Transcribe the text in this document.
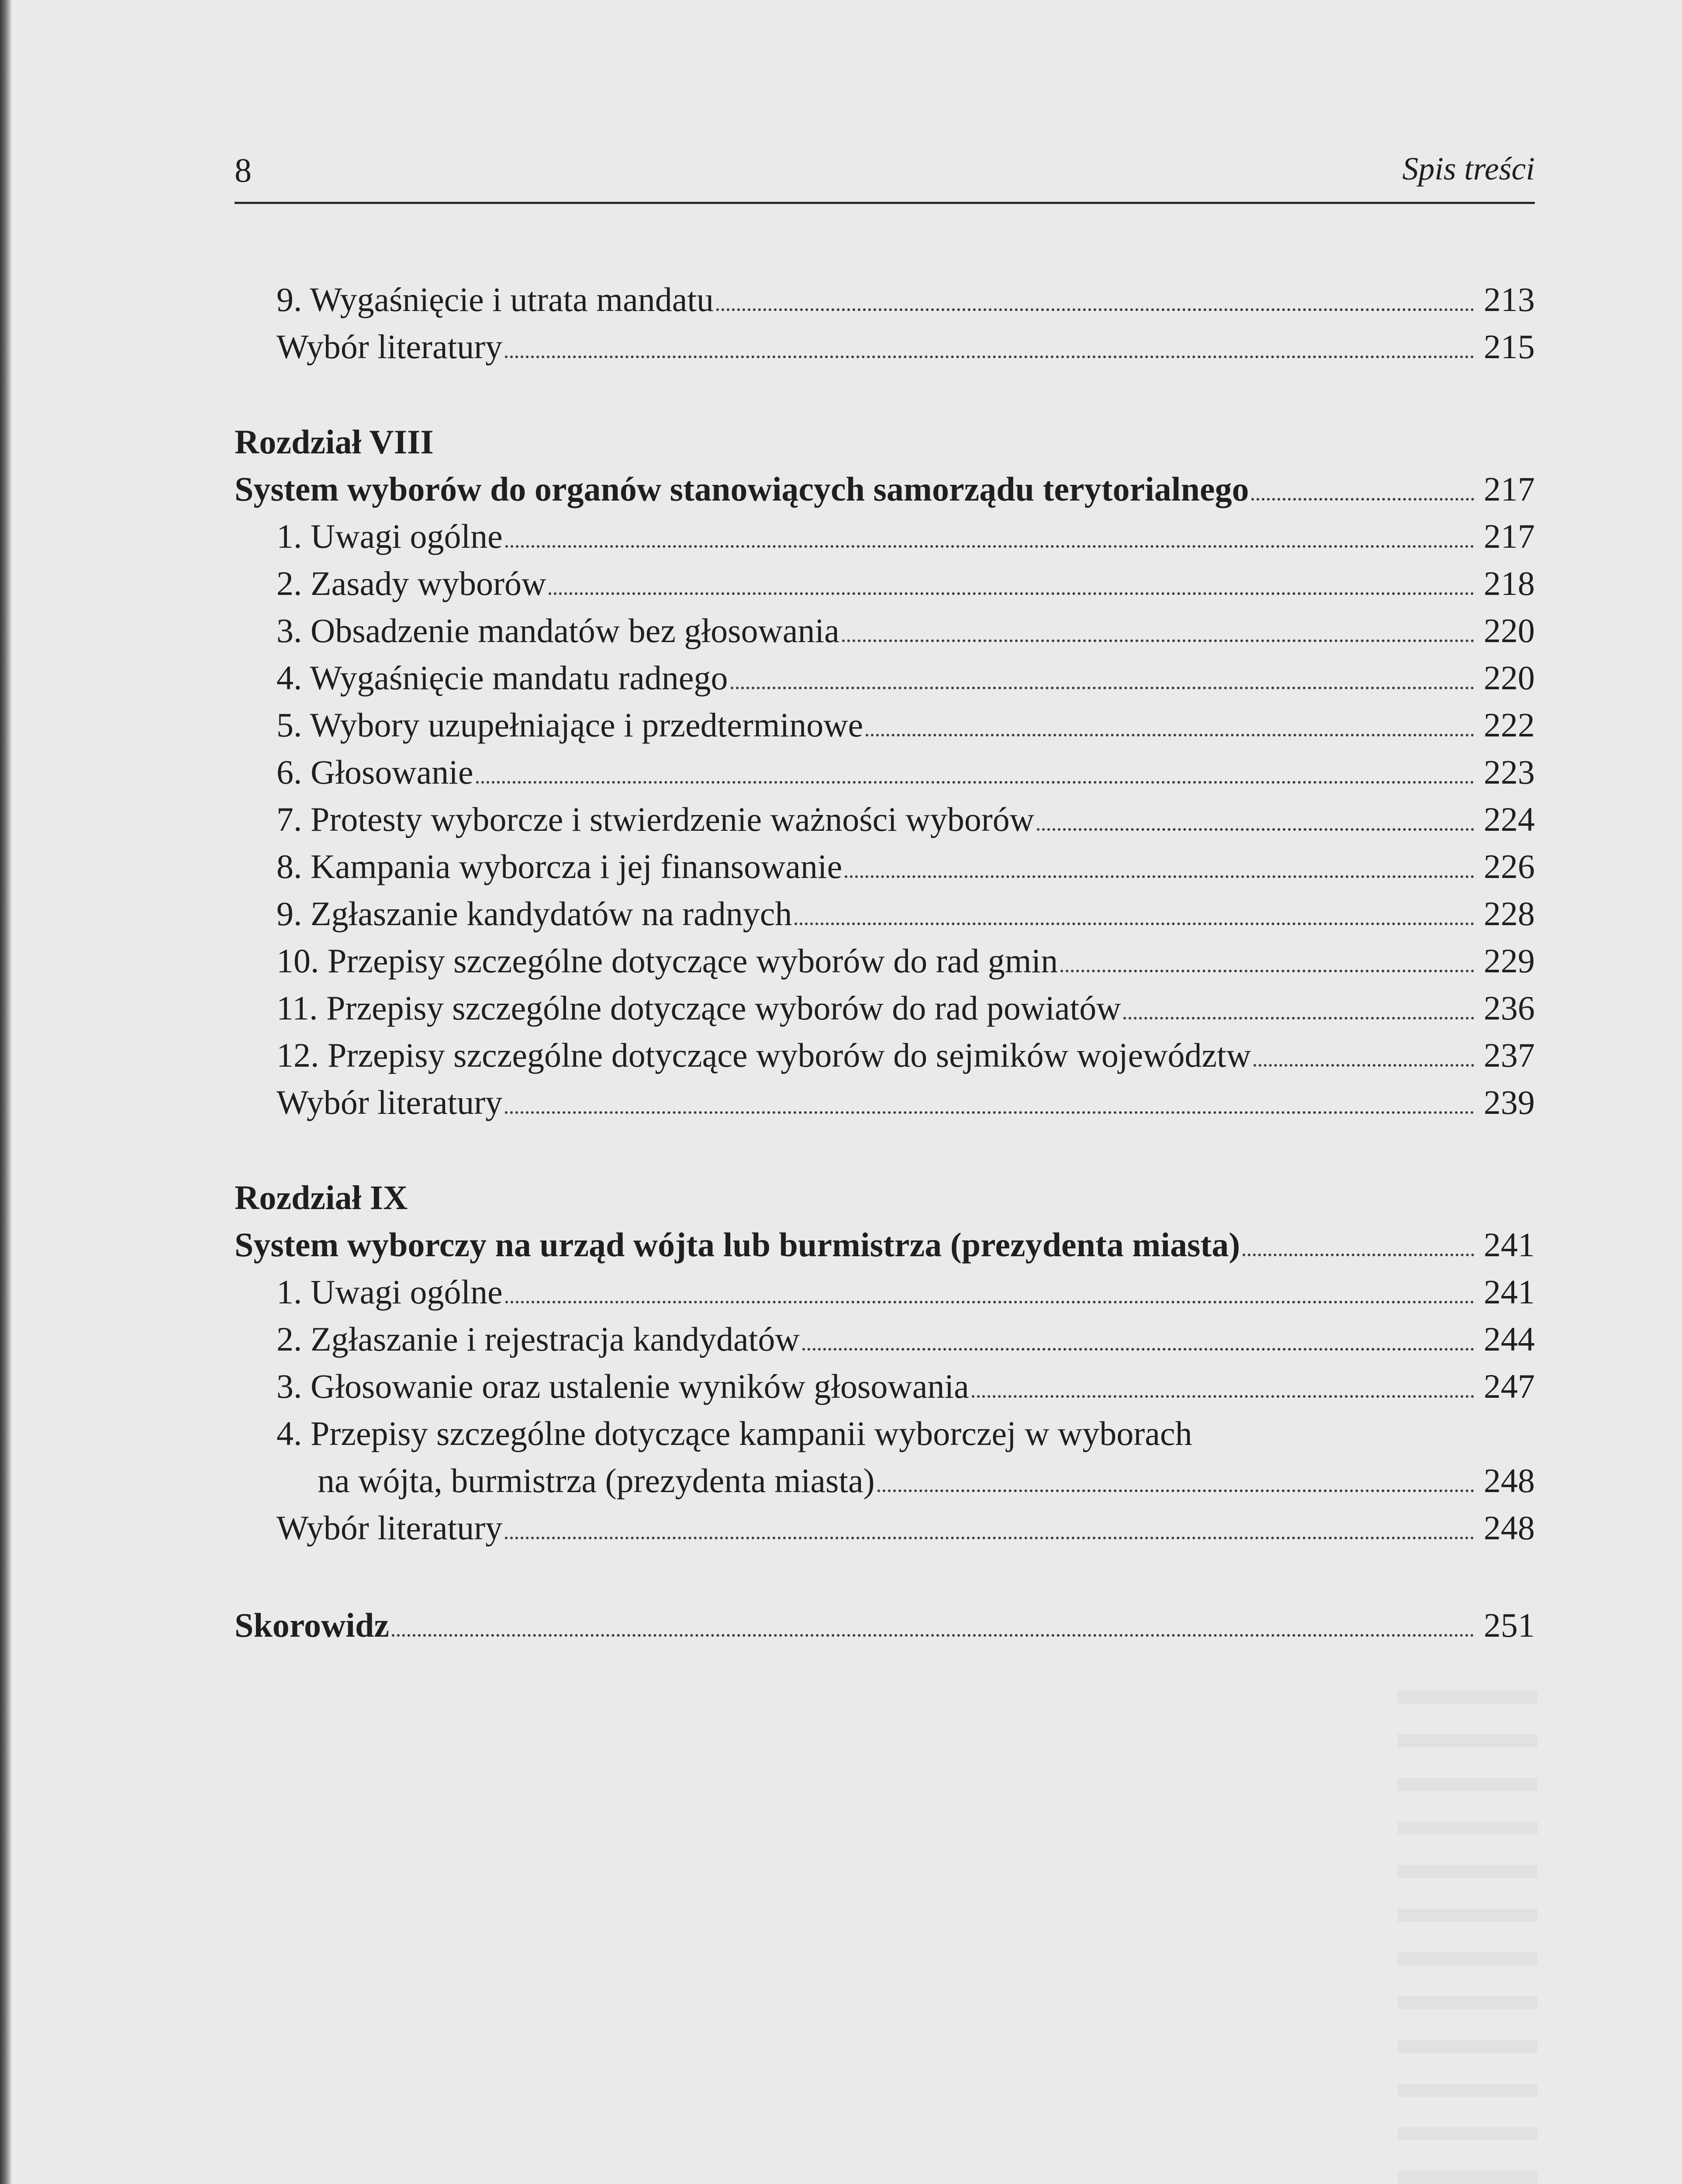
8	Spis treści
9. Wygaśnięcie i utrata mandatu	213
Wybór literatury	215
Rozdział VIII
System wyborów do organów stanowiących samorządu terytorialnego	217
1. Uwagi ogólne	217
2. Zasady wyborów	218
3. Obsadzenie mandatów bez głosowania	220
4. Wygaśnięcie mandatu radnego	220
5. Wybory uzupełniające i przedterminowe	222
6. Głosowanie	223
7. Protesty wyborcze i stwierdzenie ważności wyborów	224
8. Kampania wyborcza i jej finansowanie	226
9. Zgłaszanie kandydatów na radnych	228
10. Przepisy szczególne dotyczące wyborów do rad gmin	229
11. Przepisy szczególne dotyczące wyborów do rad powiatów	236
12. Przepisy szczególne dotyczące wyborów do sejmików województw	237
Wybór literatury	239
Rozdział IX
System wyborczy na urząd wójta lub burmistrza (prezydenta miasta)	241
1. Uwagi ogólne	241
2. Zgłaszanie i rejestracja kandydatów	244
3. Głosowanie oraz ustalenie wyników głosowania	247
4. Przepisy szczególne dotyczące kampanii wyborczej w wyborach
na wójta, burmistrza (prezydenta miasta)	248
Wybór literatury	248
Skorowidz	251
